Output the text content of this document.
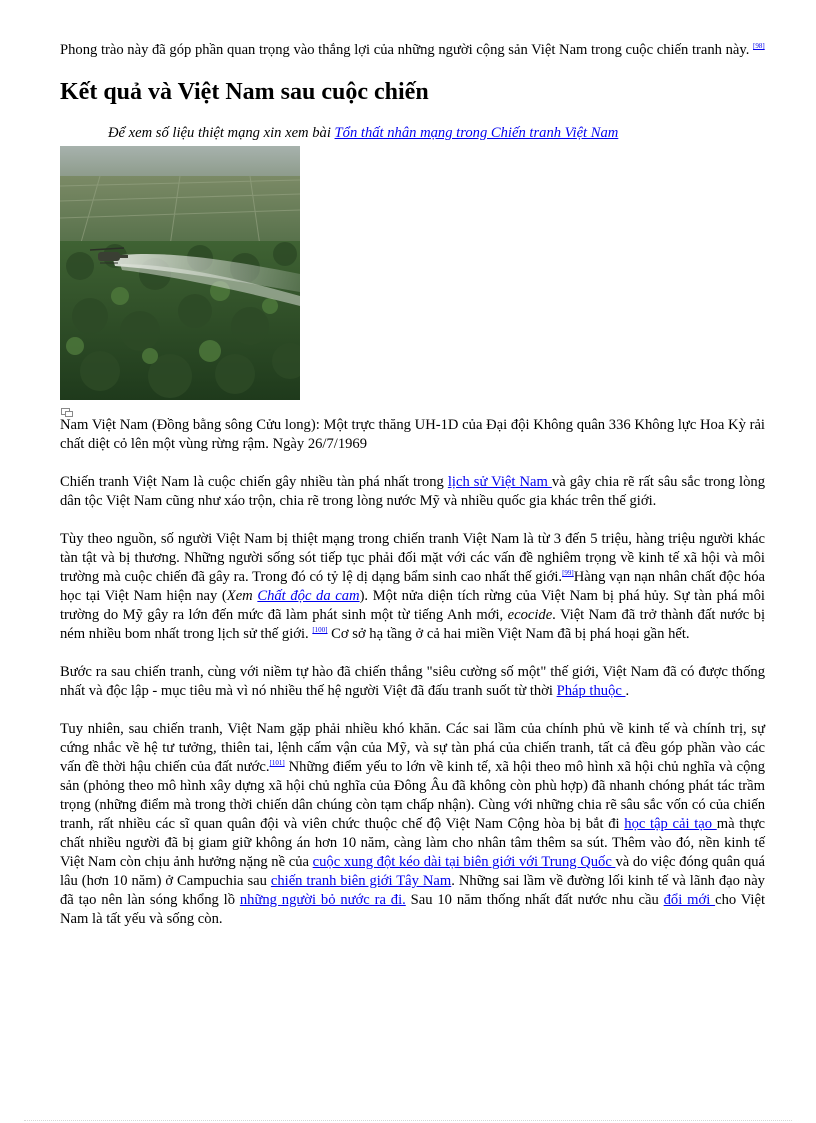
Phong trào này đã góp phần quan trọng vào thắng lợi của những người cộng sản Việt Nam trong cuộc chiến tranh này. [98]

Kết quả và Việt Nam sau cuộc chiến
Để xem số liệu thiệt mạng xin xem bài Tổn thất nhân mạng trong Chiến tranh Việt Nam

Nam Việt Nam (Đồng bằng sông Cửu long): Một trực thăng UH-1D của Đại đội Không quân 336 Không lực Hoa Kỳ rải chất diệt cỏ lên một vùng rừng rậm. Ngày 26/7/1969

Chiến tranh Việt Nam là cuộc chiến gây nhiều tàn phá nhất trong lịch sử Việt Nam và gây chia rẽ rất sâu sắc trong lòng dân tộc Việt Nam cũng như xáo trộn, chia rẽ trong lòng nước Mỹ và nhiều quốc gia khác trên thế giới.

Tùy theo nguồn, số người Việt Nam bị thiệt mạng trong chiến tranh Việt Nam là từ 3 đến 5 triệu, hàng triệu người khác tàn tật và bị thương. Những người sống sót tiếp tục phải đối mặt với các vấn đề nghiêm trọng về kinh tế xã hội và môi trường mà cuộc chiến đã gây ra. Trong đó có tỷ lệ dị dạng bẩm sinh cao nhất thế giới.[99]Hàng vạn nạn nhân chất độc hóa học tại Việt Nam hiện nay (Xem Chất độc da cam). Một nửa diện tích rừng của Việt Nam bị phá hủy. Sự tàn phá môi trường do Mỹ gây ra lớn đến mức đã làm phát sinh một từ tiếng Anh mới, ecocide. Việt Nam đã trở thành đất nước bị ném nhiều bom nhất trong lịch sử thế giới. [100] Cơ sở hạ tầng ở cả hai miền Việt Nam đã bị phá hoại gần hết.

Bước ra sau chiến tranh, cùng với niềm tự hào đã chiến thắng "siêu cường số một" thế giới, Việt Nam đã có được thống nhất và độc lập - mục tiêu mà vì nó nhiều thế hệ người Việt đã đấu tranh suốt từ thời Pháp thuộc .

Tuy nhiên, sau chiến tranh, Việt Nam gặp phải nhiều khó khăn. Các sai lầm của chính phủ về kinh tế và chính trị, sự cứng nhắc về hệ tư tưởng, thiên tai, lệnh cấm vận của Mỹ, và sự tàn phá của chiến tranh, tất cả đều góp phần vào các vấn đề thời hậu chiến của đất nước.[101] Những điểm yếu to lớn về kinh tế, xã hội theo mô hình xã hội chủ nghĩa và cộng sản (phỏng theo mô hình xây dựng xã hội chủ nghĩa của Đông Âu đã không còn phù hợp) đã nhanh chóng phát tác trầm trọng (những điểm mà trong thời chiến dân chúng còn tạm chấp nhận). Cùng với những chia rẽ sâu sắc vốn có của chiến tranh, rất nhiều các sĩ quan quân đội và viên chức thuộc chế độ Việt Nam Cộng hòa bị bắt đi học tập cải tạo mà thực chất nhiều người đã bị giam giữ không án hơn 10 năm, càng làm cho nhân tâm thêm sa sút. Thêm vào đó, nền kinh tế Việt Nam còn chịu ảnh hưởng nặng nề của cuộc xung đột kéo dài tại biên giới với Trung Quốc và do việc đóng quân quá lâu (hơn 10 năm) ở Campuchia sau chiến tranh biên giới Tây Nam. Những sai lầm về đường lối kinh tế và lãnh đạo này đã tạo nên làn sóng khổng lồ những người bỏ nước ra đi. Sau 10 năm thống nhất đất nước nhu cầu đổi mới cho Việt Nam là tất yếu và sống còn.
